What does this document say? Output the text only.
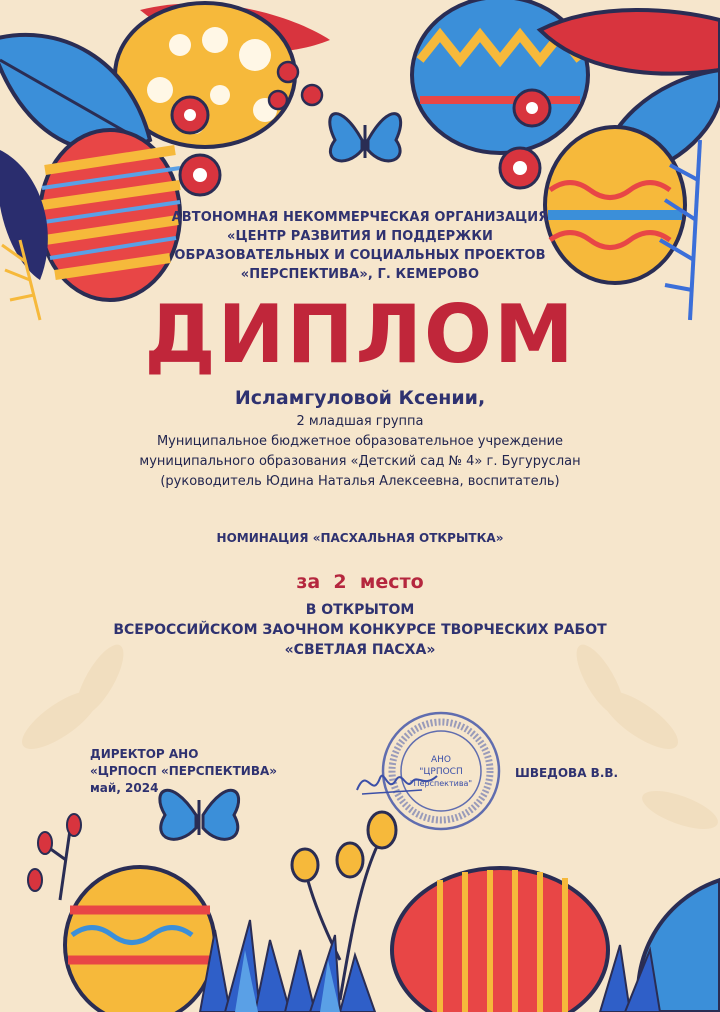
АВТОНОМНАЯ НЕКОММЕРЧЕСКАЯ ОРГАНИЗАЦИЯ
«ЦЕНТР РАЗВИТИЯ И ПОДДЕРЖКИ
ОБРАЗОВАТЕЛЬНЫХ И СОЦИАЛЬНЫХ ПРОЕКТОВ
«ПЕРСПЕКТИВА», Г. КЕМЕРОВО
ДИПЛОМ
Исламгуловой Ксении,
2 младшая группа
Муниципальное бюджетное образовательное учреждение
муниципального образования «Детский сад № 4» г. Бугуруслан
(руководитель Юдина Наталья Алексеевна, воспитатель)
НОМИНАЦИЯ «ПАСХАЛЬНАЯ ОТКРЫТКА»
за  2  место
В ОТКРЫТОМ
ВСЕРОССИЙСКОМ ЗАОЧНОМ КОНКУРСЕ ТВОРЧЕСКИХ РАБОТ
«СВЕТЛАЯ ПАСХА»
ДИРЕКТОР АНО
«ЦРПОСП «ПЕРСПЕКТИВА»
май, 2024
АНО
"ЦРПОСП
"Перспектива"
ШВЕДОВА В.В.
